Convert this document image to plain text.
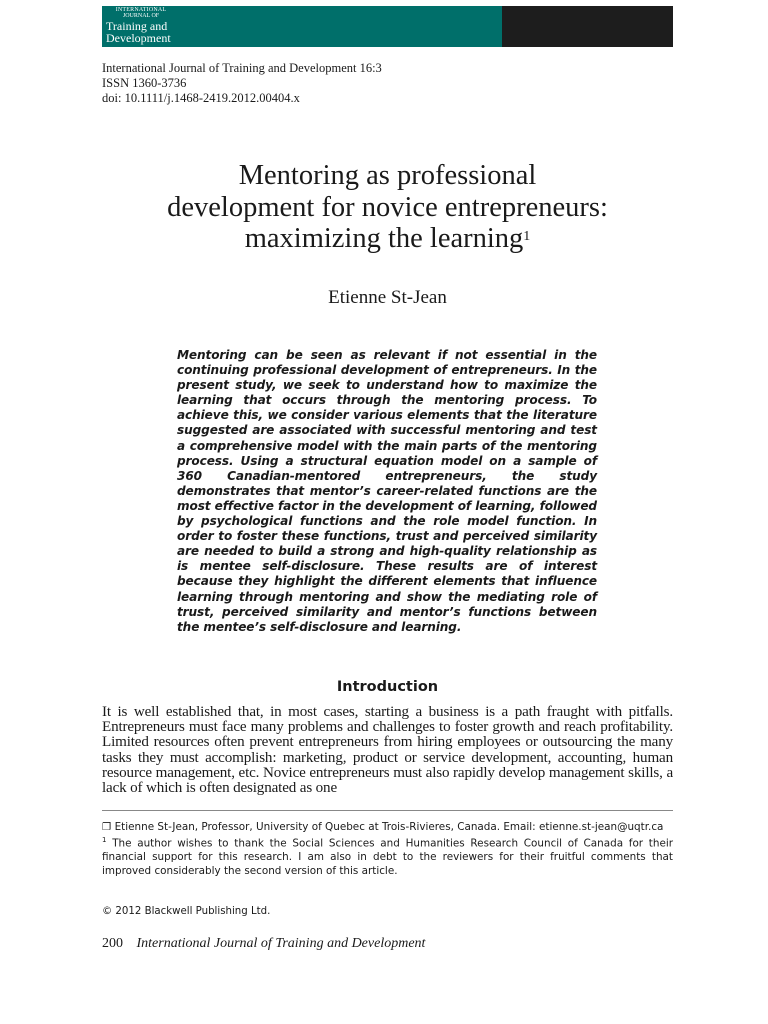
INTERNATIONAL
JOURNAL OF
Training and
Development
International Journal of Training and Development 16:3
ISSN 1360-3736
doi: 10.1111/j.1468-2419.2012.00404.x
Mentoring as professional
development for novice entrepreneurs:
maximizing the learning$^1$
Etienne St-Jean
Mentoring can be seen as relevant if not essential in the continuing professional development of entrepreneurs. In the present study, we seek to understand how to maximize the learning that occurs through the mentoring process. To achieve this, we consider various elements that the literature suggested are associated with successful mentoring and test a comprehensive model with the main parts of the mentoring process. Using a structural equation model on a sample of 360 Canadian-mentored entrepreneurs, the study demonstrates that mentor’s career-related functions are the most effective factor in the development of learning, followed by psychological functions and the role model function. In order to foster these functions, trust and perceived similarity are needed to build a strong and high-quality relationship as is mentee self-disclosure. These results are of interest because they highlight the different elements that influence learning through mentoring and show the mediating role of trust, perceived similarity and mentor’s functions between the mentee’s self-disclosure and learning.
Introduction
It is well established that, in most cases, starting a business is a path fraught with pitfalls. Entrepreneurs must face many problems and challenges to foster growth and reach profitability. Limited resources often prevent entrepreneurs from hiring employees or outsourcing the many tasks they must accomplish: marketing, product or service development, accounting, human resource management, etc. Novice entrepreneurs must also rapidly develop management skills, a lack of which is often designated as one
❐ Etienne St-Jean, Professor, University of Quebec at Trois-Rivieres, Canada. Email: etienne.st-jean@uqtr.ca
$^1$ The author wishes to thank the Social Sciences and Humanities Research Council of Canada for their financial support for this research. I am also in debt to the reviewers for their fruitful comments that improved considerably the second version of this article.
© 2012 Blackwell Publishing Ltd.
200 International Journal of Training and Development
